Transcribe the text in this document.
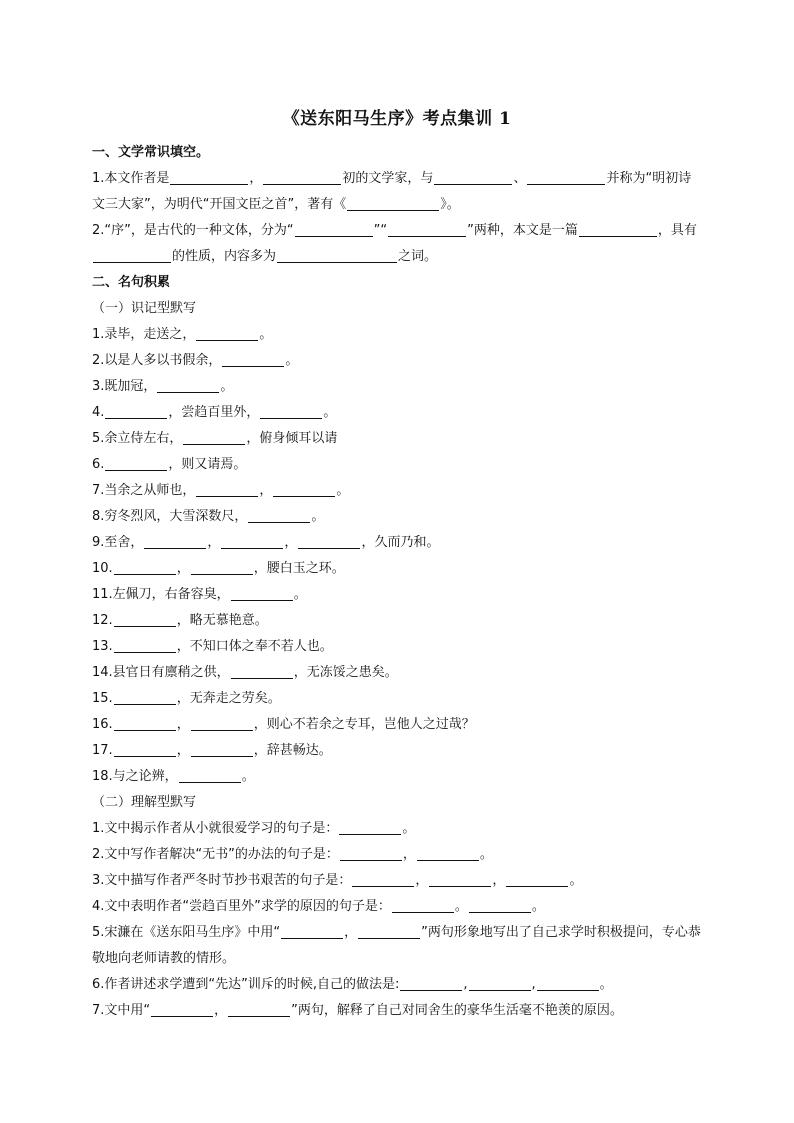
《送东阳马生序》考点集训 1
一、文学常识填空。
1.本文作者是	，	初的文学家，与	、	并称为“明初诗文三大家”，为明代“开国文臣之首”，著有《	》。
2.“序”，是古代的一种文体，分为“	”“	”两种，本文是一篇	，具有的性质，内容多为	之词。
二、名句积累
（一）识记型默写
1.录毕，走送之，	。
2.以是人多以书假余，	。
3.既加冠，	。
4.	，尝趋百里外，	。
5.余立侍左右，	，俯身倾耳以请
6.	，则又请焉。
7.当余之从师也，	，	。
8.穷冬烈风，大雪深数尺，	。
9.至舍，	，	，	，久而乃和。
10.	，	，腰白玉之环。
11.左佩刀，右备容臭，	。
12.	，略无慕艳意。
13.	，不知口体之奉不若人也。
14.县官日有廪稍之供，	，无冻馁之患矣。
15.	，无奔走之劳矣。
16.	，	，则心不若余之专耳，岂他人之过哉？
17.	，	，辞甚畅达。
18.与之论辨，	。
（二）理解型默写
1.文中揭示作者从小就很爱学习的句子是：	。
2.文中写作者解决“无书”的办法的句子是：	，	。
3.文中描写作者严冬时节抄书艰苦的句子是：	，	，	。
4.文中表明作者“尝趋百里外”求学的原因的句子是：	。	。
5.宋濂在《送东阳马生序》中用“	，	”两句形象地写出了自己求学时积极提问，专心恭敬地向老师请教的情形。
6.作者讲述求学遭到“先达”训斥的时候,自己的做法是:	,	,	。
7.文中用“	，	”两句，解释了自己对同舍生的豪华生活毫不艳羡的原因。
